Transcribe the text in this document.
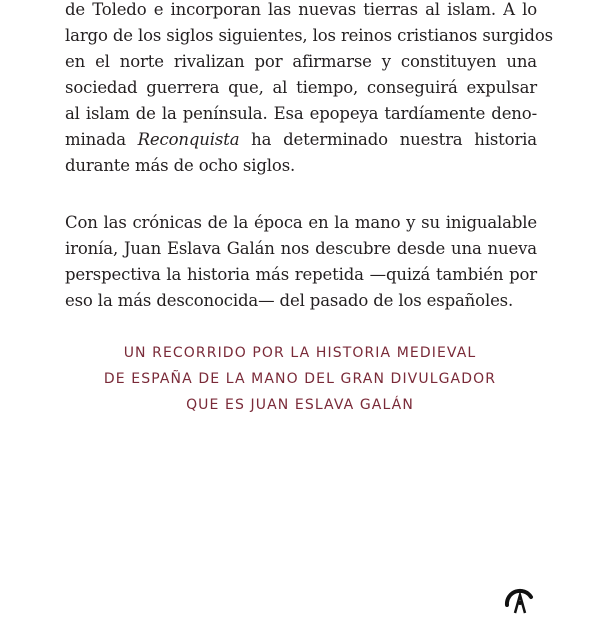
de Toledo e incorporan las nuevas tierras al islam. A lo
largo de los siglos siguientes, los reinos cristianos surgidos
en el norte rivalizan por afirmarse y constituyen una
sociedad guerrera que, al tiempo, conseguirá expulsar
al islam de la península. Esa epopeya tardíamente deno-
minada Reconquista ha determinado nuestra historia
durante más de ocho siglos.
Con las crónicas de la época en la mano y su inigualable
ironía, Juan Eslava Galán nos descubre desde una nueva
perspectiva la historia más repetida —quizá también por
eso la más desconocida— del pasado de los españoles.
UN RECORRIDO POR LA HISTORIA MEDIEVAL
DE ESPAÑA DE LA MANO DEL GRAN DIVULGADOR
QUE ES JUAN ESLAVA GALÁN
